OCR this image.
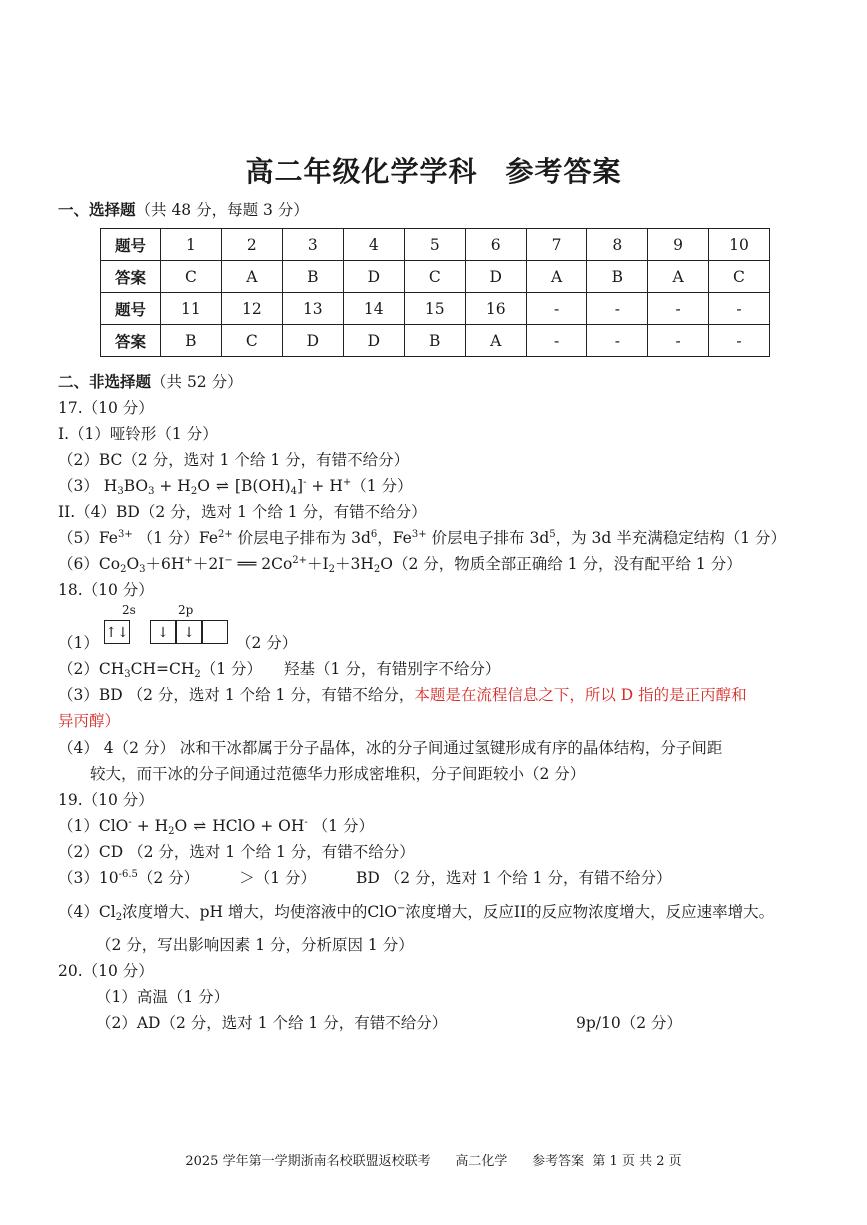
高二年级化学学科 参考答案
一、选择题（共 48 分，每题 3 分）
题号	1	2	3	4	5	6	7	8	9	10
答案	C	A	B	D	C	D	A	B	A	C
题号	11	12	13	14	15	16	-	-	-	-
答案	B	C	D	D	B	A	-	-	-	-
二、非选择题（共 52 分）
17.（10 分）
I.（1）哑铃形（1 分）
（2）BC（2 分，选对 1 个给 1 分，有错不给分）
（3） $H_3BO_3 + H_2O$ ⇌ $[B(OH)_4]^- + H^+(1$ 分）
II.（4）BD（2 分，选对 1 个给 1 分，有错不给分）
$(5)Fe^{3+}$ （1 分）$Fe^{2+}$ 价层电子排布为 $3d^6$，$Fe^{3+}$ 价层电子排布 $3d^5$，为 3d 半充满稳定结构（1 分）
$(6)Co_2O_3+6H^++2I^-$ ══ $2Co^{2+}+I_2+3H_2O(2$ 分，物质全部正确给 1 分，没有配平给 1 分）
18.（10 分）
2s	2p
↑↓	↓	↓
（1）	（2 分）
$(2)CH_3CH=CH_2(1$ 分） 羟基（1 分，有错别字不给分）
（3）BD （2 分，选对 1 个给 1 分，有错不给分，本题是在流程信息之下，所以 D 指的是正丙醇和
异丙醇）
（4） 4（2 分） 冰和干冰都属于分子晶体，冰的分子间通过氢键形成有序的晶体结构，分子间距
较大，而干冰的分子间通过范德华力形成密堆积，分子间距较小（2 分）
19.（10 分）
$(1)ClO^- + H_2O$ ⇌ HClO + OH- （1 分）
（2）CD （2 分，选对 1 个给 1 分，有错不给分）
$(3)10^{-6.5}(2$ 分）	＞（1 分）	BD （2 分，选对 1 个给 1 分，有错不给分）
$(4)Cl_2$浓度增大、pH 增大，均使溶液中的ClO−浓度增大，反应II的反应物浓度增大，反应速率增大。
（2 分，写出影响因素 1 分，分析原因 1 分）
20.（10 分）
（1）高温（1 分）
（2）AD（2 分，选对 1 个给 1 分，有错不给分）	9p/10（2 分）
2025 学年第一学期浙南名校联盟返校联考      高二化学      参考答案  第 1 页 共 2 页
